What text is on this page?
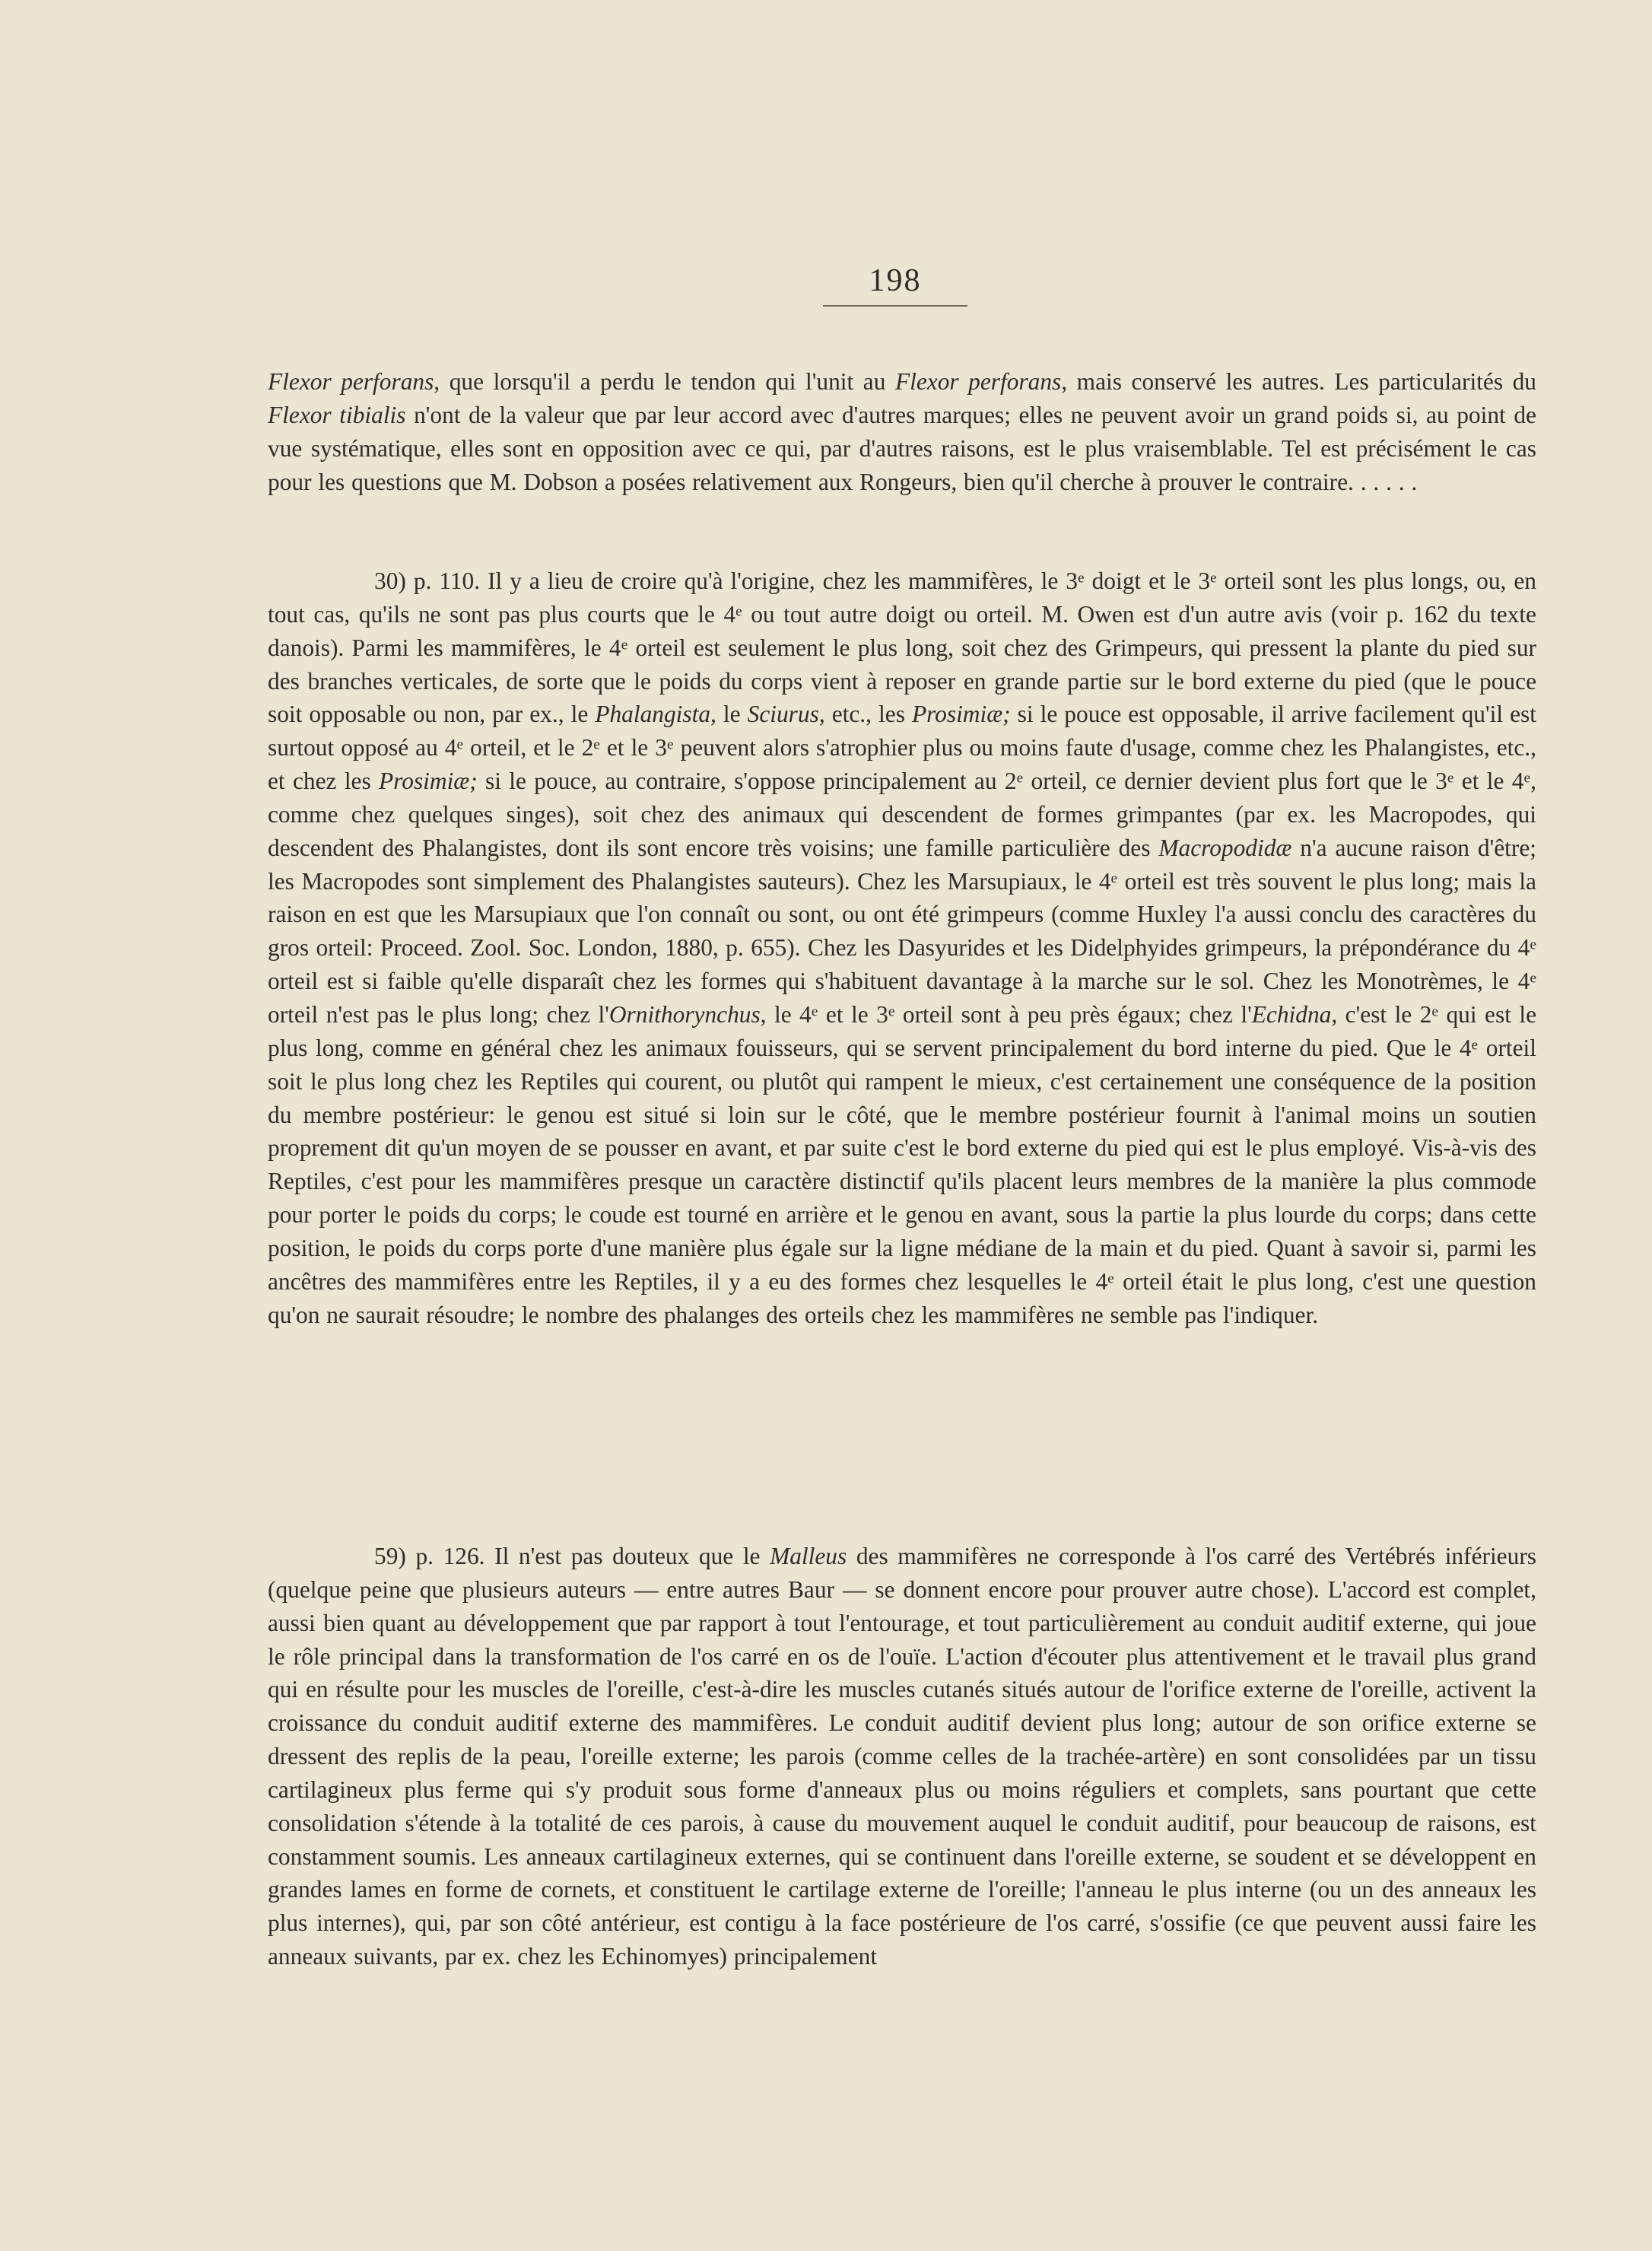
198

Flexor perforans, que lorsqu'il a perdu le tendon qui l'unit au Flexor perforans, mais conservé les autres. Les particularités du Flexor tibialis n'ont de la valeur que par leur accord avec d'autres marques; elles ne peuvent avoir un grand poids si, au point de vue systématique, elles sont en opposition avec ce qui, par d'autres raisons, est le plus vraisemblable. Tel est précisément le cas pour les questions que M. Dobson a posées relativement aux Rongeurs, bien qu'il cherche à prouver le contraire. . . . . .

30) p. 110. Il y a lieu de croire qu'à l'origine, chez les mammifères, le 3e doigt et le 3e orteil sont les plus longs, ou, en tout cas, qu'ils ne sont pas plus courts que le 4e ou tout autre doigt ou orteil. M. Owen est d'un autre avis (voir p. 162 du texte danois). Parmi les mammifères, le 4e orteil est seulement le plus long, soit chez des Grimpeurs, qui pressent la plante du pied sur des branches verticales, de sorte que le poids du corps vient à reposer en grande partie sur le bord externe du pied (que le pouce soit opposable ou non, par ex., le Phalangista, le Sciurus, etc., les Prosimiæ; si le pouce est opposable, il arrive facilement qu'il est surtout opposé au 4e orteil, et le 2e et le 3e peuvent alors s'atrophier plus ou moins faute d'usage, comme chez les Phalangistes, etc., et chez les Prosimiæ; si le pouce, au contraire, s'oppose principalement au 2e orteil, ce dernier devient plus fort que le 3e et le 4e, comme chez quelques singes), soit chez des animaux qui descendent de formes grimpantes (par ex. les Macropodes, qui descendent des Phalangistes, dont ils sont encore très voisins; une famille particulière des Macropodidæ n'a aucune raison d'être; les Macropodes sont simplement des Phalangistes sauteurs). Chez les Marsupiaux, le 4e orteil est très souvent le plus long; mais la raison en est que les Marsupiaux que l'on connaît ou sont, ou ont été grimpeurs (comme Huxley l'a aussi conclu des caractères du gros orteil: Proceed. Zool. Soc. London, 1880, p. 655). Chez les Dasyurides et les Didelphyides grimpeurs, la prépondérance du 4e orteil est si faible qu'elle disparaît chez les formes qui s'habituent davantage à la marche sur le sol. Chez les Monotrèmes, le 4e orteil n'est pas le plus long; chez l'Ornithorynchus, le 4e et le 3e orteil sont à peu près égaux; chez l'Echidna, c'est le 2e qui est le plus long, comme en général chez les animaux fouisseurs, qui se servent principalement du bord interne du pied. Que le 4e orteil soit le plus long chez les Reptiles qui courent, ou plutôt qui rampent le mieux, c'est certainement une conséquence de la position du membre postérieur: le genou est situé si loin sur le côté, que le membre postérieur fournit à l'animal moins un soutien proprement dit qu'un moyen de se pousser en avant, et par suite c'est le bord externe du pied qui est le plus employé. Vis-à-vis des Reptiles, c'est pour les mammifères presque un caractère distinctif qu'ils placent leurs membres de la manière la plus commode pour porter le poids du corps; le coude est tourné en arrière et le genou en avant, sous la partie la plus lourde du corps; dans cette position, le poids du corps porte d'une manière plus égale sur la ligne médiane de la main et du pied. Quant à savoir si, parmi les ancêtres des mammifères entre les Reptiles, il y a eu des formes chez lesquelles le 4e orteil était le plus long, c'est une question qu'on ne saurait résoudre; le nombre des phalanges des orteils chez les mammifères ne semble pas l'indiquer.

59) p. 126. Il n'est pas douteux que le Malleus des mammifères ne corresponde à l'os carré des Vertébrés inférieurs (quelque peine que plusieurs auteurs — entre autres Baur — se donnent encore pour prouver autre chose). L'accord est complet, aussi bien quant au développement que par rapport à tout l'entourage, et tout particulièrement au conduit auditif externe, qui joue le rôle principal dans la transformation de l'os carré en os de l'ouïe. L'action d'écouter plus attentivement et le travail plus grand qui en résulte pour les muscles de l'oreille, c'est-à-dire les muscles cutanés situés autour de l'orifice externe de l'oreille, activent la croissance du conduit auditif externe des mammifères. Le conduit auditif devient plus long; autour de son orifice externe se dressent des replis de la peau, l'oreille externe; les parois (comme celles de la trachée-artère) en sont consolidées par un tissu cartilagineux plus ferme qui s'y produit sous forme d'anneaux plus ou moins réguliers et complets, sans pourtant que cette consolidation s'étende à la totalité de ces parois, à cause du mouvement auquel le conduit auditif, pour beaucoup de raisons, est constamment soumis. Les anneaux cartilagineux externes, qui se continuent dans l'oreille externe, se soudent et se développent en grandes lames en forme de cornets, et constituent le cartilage externe de l'oreille; l'anneau le plus interne (ou un des anneaux les plus internes), qui, par son côté antérieur, est contigu à la face postérieure de l'os carré, s'ossifie (ce que peuvent aussi faire les anneaux suivants, par ex. chez les Echinomyes) principalement
